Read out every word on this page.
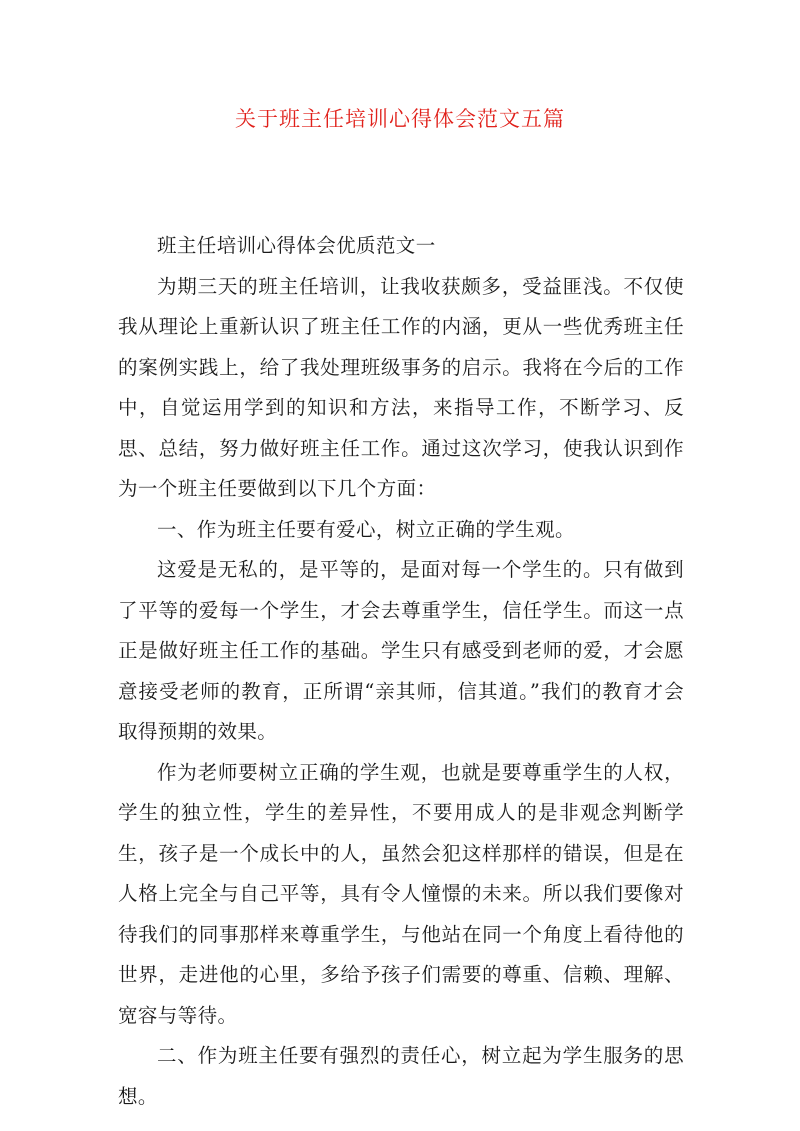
关于班主任培训心得体会范文五篇

班主任培训心得体会优质范文一

为期三天的班主任培训，让我收获颇多，受益匪浅。不仅使我从理论上重新认识了班主任工作的内涵，更从一些优秀班主任的案例实践上，给了我处理班级事务的启示。我将在今后的工作中，自觉运用学到的知识和方法，来指导工作，不断学习、反思、总结，努力做好班主任工作。通过这次学习，使我认识到作为一个班主任要做到以下几个方面：

一、作为班主任要有爱心，树立正确的学生观。

这爱是无私的，是平等的，是面对每一个学生的。只有做到了平等的爱每一个学生，才会去尊重学生，信任学生。而这一点正是做好班主任工作的基础。学生只有感受到老师的爱，才会愿意接受老师的教育，正所谓“亲其师，信其道。”我们的教育才会取得预期的效果。

作为老师要树立正确的学生观，也就是要尊重学生的人权，学生的独立性，学生的差异性，不要用成人的是非观念判断学生，孩子是一个成长中的人，虽然会犯这样那样的错误，但是在人格上完全与自己平等，具有令人憧憬的未来。所以我们要像对待我们的同事那样来尊重学生，与他站在同一个角度上看待他的世界，走进他的心里，多给予孩子们需要的尊重、信赖、理解、宽容与等待。

二、作为班主任要有强烈的责任心，树立起为学生服务的思想。
